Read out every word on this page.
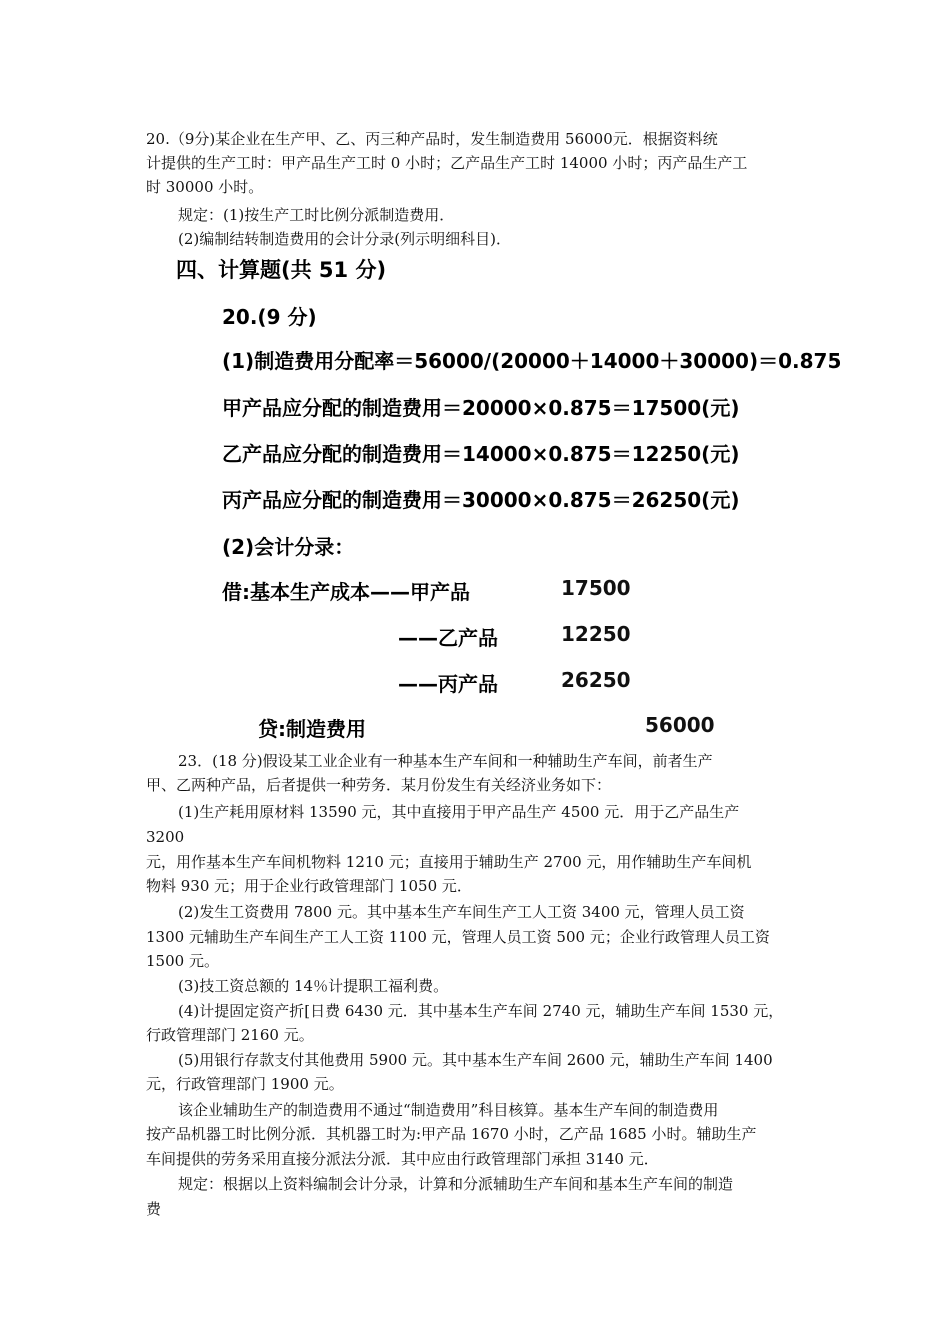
20.（9分)某企业在生产甲、乙、丙三种产品时，发生制造费用 56000元．根据资料统
计提供的生产工时：甲产品生产工时 0 小时；乙产品生产工时 14000 小时；丙产品生产工
时 30000 小时。
规定：(1)按生产工时比例分派制造费用．
(2)编制结转制造费用的会计分录(列示明细科目)．
四、计算题(共 51 分)
20.(9 分)
(1)制造费用分配率＝56000/(20000＋14000＋30000)＝0.875
甲产品应分配的制造费用＝20000×0.875＝17500(元)
乙产品应分配的制造费用＝14000×0.875＝12250(元)
丙产品应分配的制造费用＝30000×0.875＝26250(元)
(2)会计分录：
借:基本生产成本——甲产品	17500
——乙产品	12250
——丙产品	26250
贷:制造费用	56000
23．(18 分)假设某工业企业有一种基本生产车间和一种辅助生产车间，前者生产
甲、乙两种产品，后者提供一种劳务．某月份发生有关经济业务如下：
(1)生产耗用原材料 13590 元，其中直接用于甲产品生产 4500 元．用于乙产品生产
3200
元，用作基本生产车间机物料 1210 元；直接用于辅助生产 2700 元，用作辅助生产车间机
物料 930 元；用于企业行政管理部门 1050 元．
(2)发生工资费用 7800 元。其中基本生产车间生产工人工资 3400 元，管理人员工资
1300 元辅助生产车间生产工人工资 1100 元，管理人员工资 500 元；企业行政管理人员工资
1500 元。
(3)技工资总额的 14％计提职工福利费。
(4)计提固定资产折[日费 6430 元．其中基本生产车间 2740 元，辅助生产车间 1530 元，
行政管理部门 2160 元。
(5)用银行存款支付其他费用 5900 元。其中基本生产车间 2600 元，辅助生产车间 1400
元，行政管理部门 1900 元。
该企业辅助生产的制造费用不通过“制造费用”科目核算。基本生产车间的制造费用
按产品机器工时比例分派．其机器工时为:甲产品 1670 小时，乙产品 1685 小时。辅助生产
车间提供的劳务采用直接分派法分派．其中应由行政管理部门承担 3140 元．
规定：根据以上资料编制会计分录，计算和分派辅助生产车间和基本生产车间的制造
费
